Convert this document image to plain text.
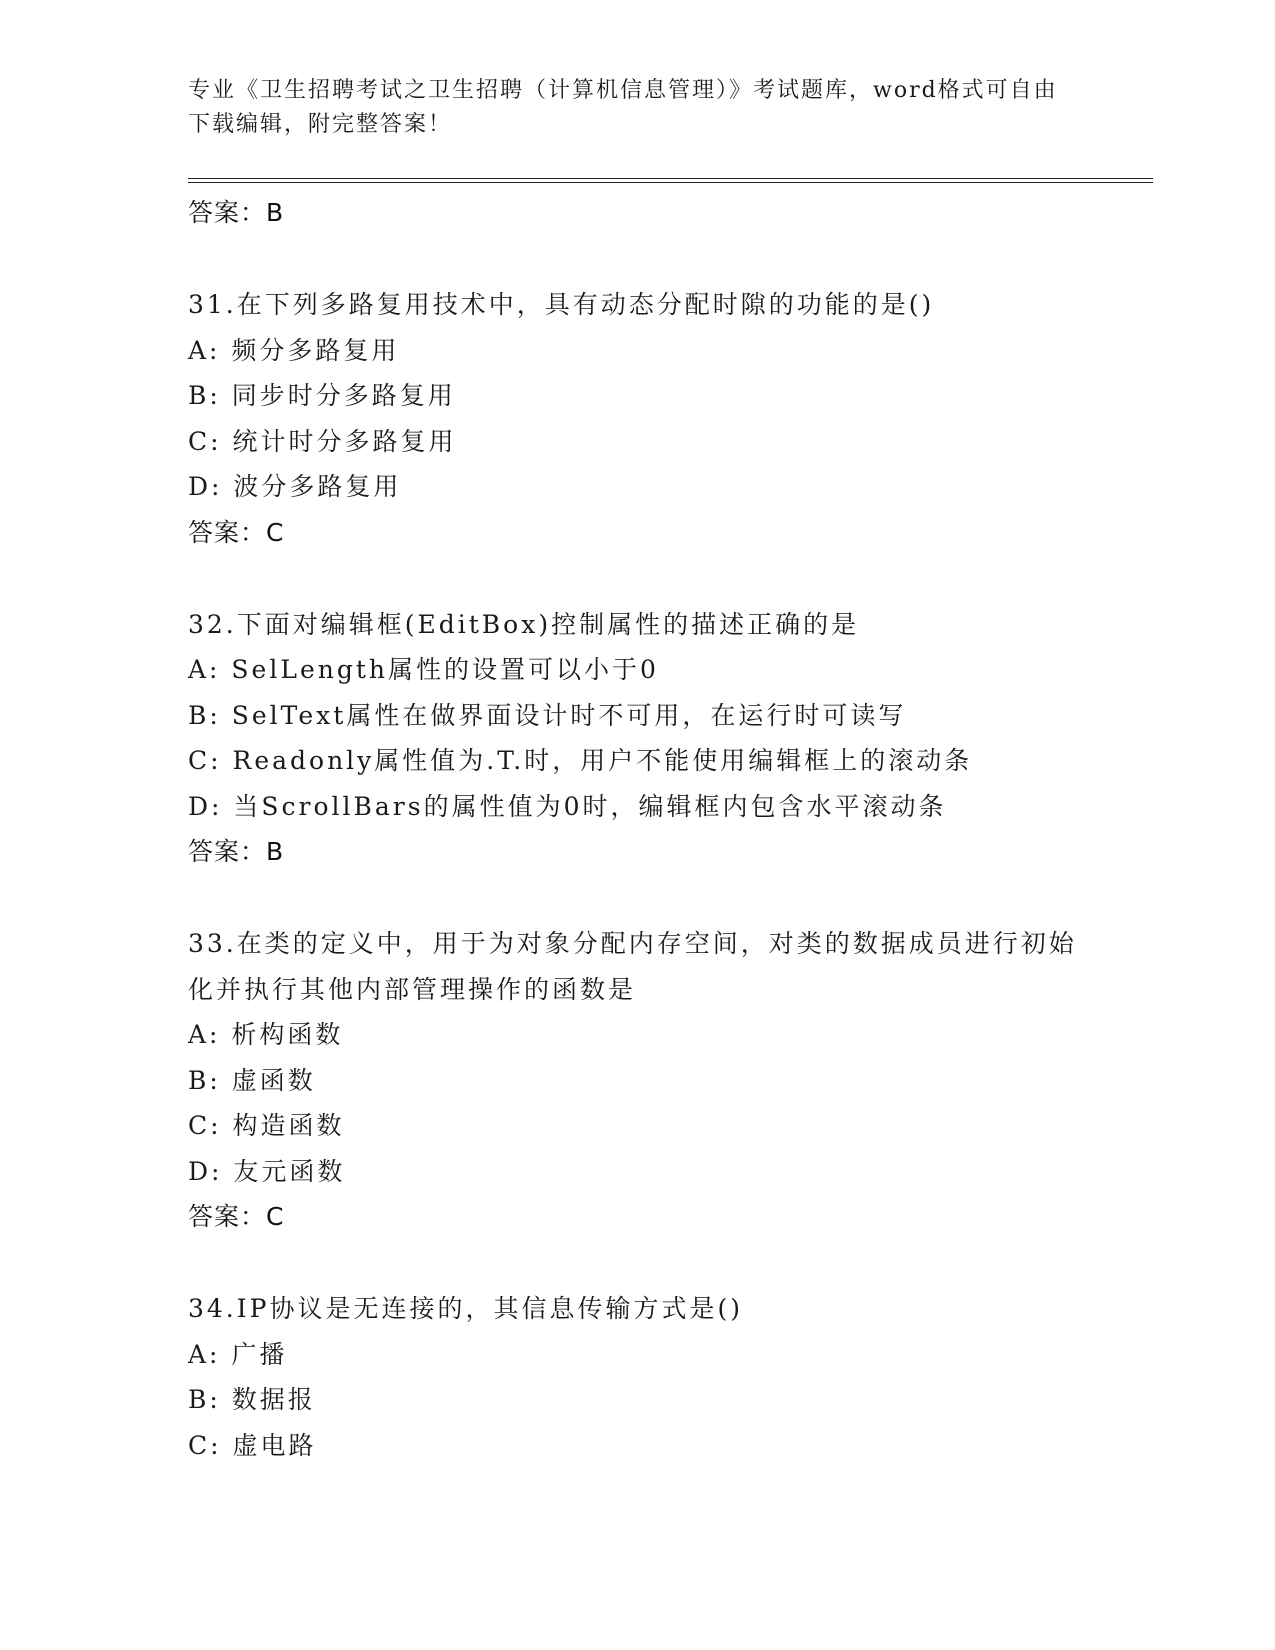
专业《卫生招聘考试之卫生招聘（计算机信息管理）》考试题库，word格式可自由下载编辑，附完整答案！
答案：B
31.在下列多路复用技术中，具有动态分配时隙的功能的是()
A: 频分多路复用
B: 同步时分多路复用
C: 统计时分多路复用
D: 波分多路复用
答案：C
32.下面对编辑框(EditBox)控制属性的描述正确的是
A: SelLength属性的设置可以小于0
B: SelText属性在做界面设计时不可用，在运行时可读写
C: Readonly属性值为.T.时，用户不能使用编辑框上的滚动条
D: 当ScrollBars的属性值为0时，编辑框内包含水平滚动条
答案：B
33.在类的定义中，用于为对象分配内存空间，对类的数据成员进行初始化并执行其他内部管理操作的函数是
A: 析构函数
B: 虚函数
C: 构造函数
D: 友元函数
答案：C
34.IP协议是无连接的，其信息传输方式是()
A: 广播
B: 数据报
C: 虚电路
